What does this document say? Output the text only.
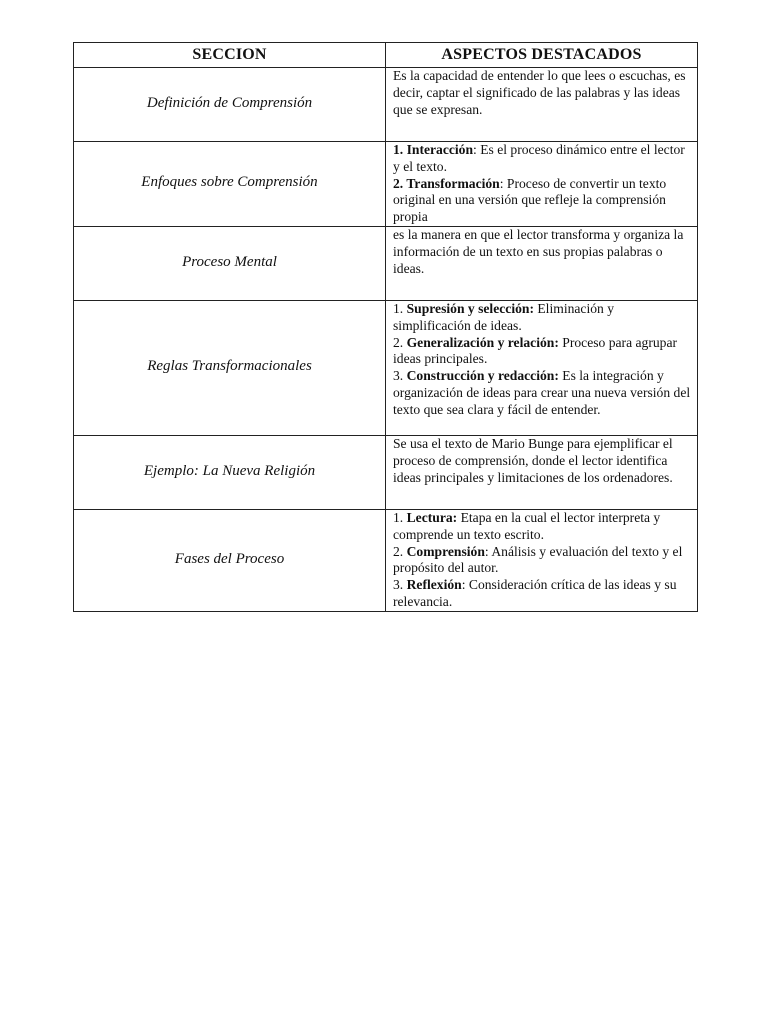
SECCION	ASPECTOS DESTACADOS

Definición de Comprensión	Es la capacidad de entender lo que lees o escuchas, es decir, captar el significado de las palabras y las ideas que se expresan.

Enfoques sobre Comprensión	1. Interacción: Es el proceso dinámico entre el lector y el texto.
2. Transformación: Proceso de convertir un texto original en una versión que refleje la comprensión propia

Proceso Mental	es la manera en que el lector transforma y organiza la información de un texto en sus propias palabras o ideas.

Reglas Transformacionales	1. Supresión y selección: Eliminación y simplificación de ideas.
2. Generalización y relación: Proceso para agrupar ideas principales.
3. Construcción y redacción: Es la integración y organización de ideas para crear una nueva versión del texto que sea clara y fácil de entender.

Ejemplo: La Nueva Religión	Se usa el texto de Mario Bunge para ejemplificar el proceso de comprensión, donde el lector identifica ideas principales y limitaciones de los ordenadores.

Fases del Proceso	1. Lectura: Etapa en la cual el lector interpreta y comprende un texto escrito.
2. Comprensión: Análisis y evaluación del texto y el propósito del autor.
3. Reflexión: Consideración crítica de las ideas y su relevancia.
